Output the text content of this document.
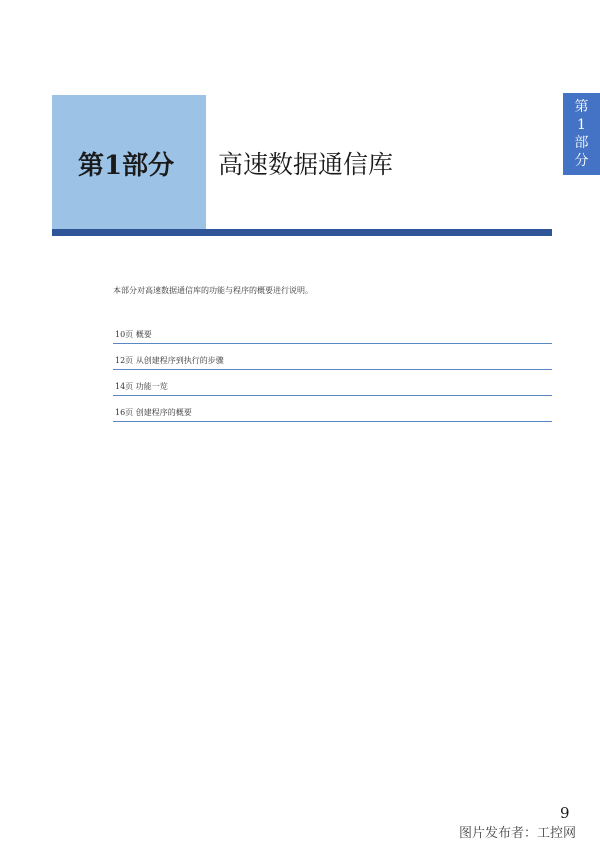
第1部分 高速数据通信库
第
1
部
分
本部分对高速数据通信库的功能与程序的概要进行说明。
10页 概要
12页 从创建程序到执行的步骤
14页 功能一览
16页 创建程序的概要
9
图片发布者：工控网
